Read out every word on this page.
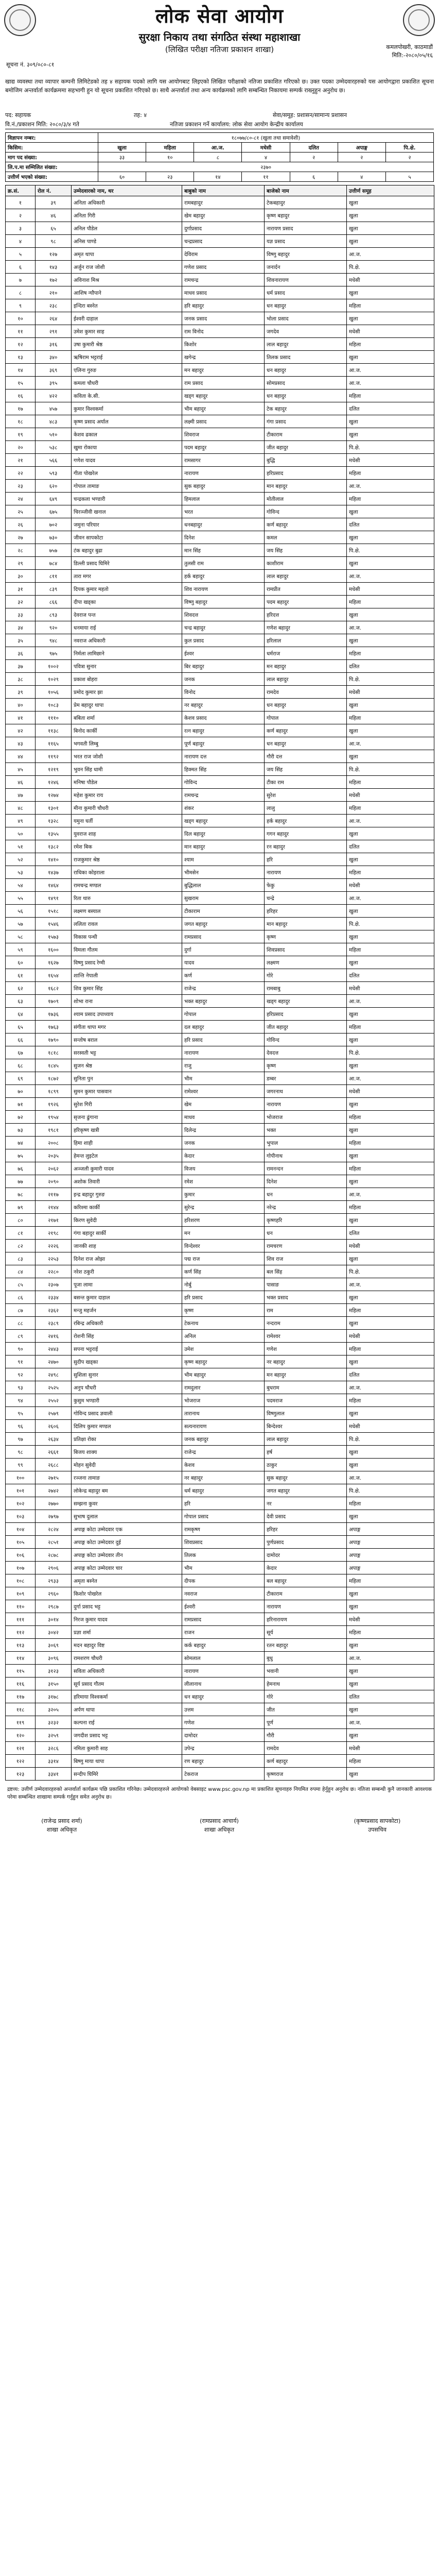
लोक सेवा आयोग
सुरक्षा निकाय तथा संगठित संस्था महाशाखा
(लिखित परीक्षा नतिजा प्रकाशन शाखा)	कमलपोखरी, काठमाडौं
मिति:-२०८०/०५/१६
सूचना नं. ३०९/०८०-८१
खाद्य व्यवस्था तथा व्यापार कम्पनी लिमिटेडको तह ४ सहायक पदको लागि यस आयोगबाट लिइएको लिखित परीक्षाको नतिजा प्रकाशित गरिएको छ। उक्त पदका उम्मेदवारहरुको यस आयोगद्वारा प्रकाशित सूचना बमोजिम अन्तर्वार्ता कार्यक्रममा सहभागी हुन यो सूचना प्रकाशित गरिएको छ। साथै अन्तर्वार्ता तथा अन्य कार्यक्रमको लागि सम्बन्धित निकायमा सम्पर्क राख्नुहुन अनुरोध छ।
पद: सहायक	तह: ४	सेवा/समूह: प्रशासन/सामान्य प्रशासन
वि.नं./प्रकाशन मिति: २०८०/३/४ गते	नतिजा प्रकाशन गर्ने कार्यालय: लोक सेवा आयोग केन्द्रीय कार्यालय
विज्ञापन नम्बर:	१८०७७/८०-८१ (खुला तथा समावेशी)						
किसिम:	खुला	महिला	आ.ज.	मधेसी	दलित	अपाङ्ग	पि.क्षे.
माग पद संख्या:	३३	१०	८	४	२	२	२
लि.प.मा सम्मिलित संख्या:	२३७०						
उत्तीर्ण भएको संख्या:	६०	२३	१४	११	६	४	५
क्र.सं.	रोल नं.	उम्मेदवारको नाम, थर	बाबुको नाम	बाजेको नाम	उत्तीर्ण समूह
१	३९	अनिता अधिकारी	रामबहादुर	टेकबहादुर	खुला
२	४६	अनिता गिरी	खेम बहादुर	कृष्ण बहादुर	खुला
३	६५	अनिल पौडेल	दुर्गाप्रसाद	नारायण प्रसाद	खुला
४	९८	अनिस पाण्डे	चन्द्रप्रसाद	यज्ञ प्रसाद	खुला
५	१२७	अमृत थापा	देविराम	विष्णु बहादुर	आ.ज.
६	१४३	अर्जुन राज जोशी	गणेश प्रसाद	जनार्दन	पि.क्षे.
७	१७२	अविनाश मिश्र	रामचन्द्र	शिवनारायण	मधेसी
८	२१०	आशिष न्यौपाने	माधव प्रसाद	धर्म प्रसाद	खुला
९	२३८	इन्दिरा बस्नेत	हरि बहादुर	धन बहादुर	महिला
१०	२६४	ईश्वरी दाहाल	जनक प्रसाद	भोला प्रसाद	खुला
११	२९१	उमेश कुमार साह	राम विनोद	जगदेव	मधेसी
१२	३१६	उषा कुमारी श्रेष्ठ	किशोर	लाल बहादुर	महिला
१३	३४०	ऋषिराम भट्टराई	खगेन्द्र	तिलक प्रसाद	खुला
१४	३६९	एलिना गुरुङ	मन बहादुर	धन बहादुर	आ.ज.
१५	३९५	कमला चौधरी	राम प्रसाद	सोमप्रसाद	आ.ज.
१६	४२२	कविता के.सी.	खड्ग बहादुर	धन बहादुर	महिला
१७	४५७	कुमार विश्वकर्मा	भीम बहादुर	टेक बहादुर	दलित
१८	४८३	कृष्ण प्रसाद अर्याल	लक्ष्मी प्रसाद	गंगा प्रसाद	खुला
१९	५१०	केशव ढकाल	शिवराज	टीकाराम	खुला
२०	५३८	खुमा रोकाया	पदम बहादुर	जीत बहादुर	पि.क्षे.
२१	५६६	गणेश यादव	रामसागर	बुद्धि	मधेसी
२२	५९३	गीता पोखरेल	नारायण	हरिप्रसाद	महिला
२३	६२०	गोपाल तामाङ	सुक बहादुर	मान बहादुर	आ.ज.
२४	६४९	चन्द्रकला भण्डारी	हिमलाल	मोतीलाल	महिला
२५	६७५	चिरञ्जीवी खनाल	भरत	गोविन्द	खुला
२६	७०२	जमुना परियार	धनबहादुर	कर्ण बहादुर	दलित
२७	७३०	जीवन सापकोटा	दिनेश	कमल	खुला
२८	७५७	टंक बहादुर बुढा	मान सिंह	जय सिंह	पि.क्षे.
२९	७८४	डिल्ली प्रसाद घिमिरे	तुलसी राम	काशीराम	खुला
३०	८११	तारा मगर	हर्क बहादुर	लाल बहादुर	आ.ज.
३१	८३९	दिपक कुमार महतो	शिव नारायण	रामप्रीत	मधेसी
३२	८६६	दीपा खड्का	विष्णु बहादुर	पदम बहादुर	महिला
३३	८९३	देवराज पन्त	शिवदत्त	हरिदत्त	खुला
३४	९२०	धनमाया राई	चन्द्र बहादुर	गणेश बहादुर	आ.ज.
३५	९४८	नवराज अधिकारी	कुल प्रसाद	हरिलाल	खुला
३६	९७५	निर्मला लामिछाने	ईश्वर	धर्मराज	महिला
३७	१००२	पवित्रा सुनार	बिर बहादुर	मन बहादुर	दलित
३८	१०२९	प्रकाश बोहरा	जनक	लाल बहादुर	पि.क्षे.
३९	१०५६	प्रमोद कुमार झा	विनोद	रामदेव	मधेसी
४०	१०८३	प्रेम बहादुर थापा	नर बहादुर	धन बहादुर	खुला
४१	१११०	बबिता शर्मा	केशव प्रसाद	गोपाल	महिला
४२	११३८	बिनोद कार्की	रत्न बहादुर	कर्ण बहादुर	खुला
४३	११६५	भगवती लिम्बु	पूर्ण बहादुर	धन बहादुर	आ.ज.
४४	११९२	भरत राज जोशी	नारायण दत्त	गौरी दत्त	खुला
४५	१२१९	भुवन सिंह धामी	हिक्मत सिंह	जय सिंह	पि.क्षे.
४६	१२४६	मनिषा पौडेल	गोविन्द	टीका राम	महिला
४७	१२७४	महेश कुमार राय	रामचन्द्र	सुरेश	मधेसी
४८	१३०१	मीना कुमारी चौधरी	शंकर	लालु	महिला
४९	१३२८	यमुना घर्ती	खड्ग बहादुर	हर्क बहादुर	आ.ज.
५०	१३५५	युवराज शाह	दिल बहादुर	गगन बहादुर	खुला
५१	१३८२	रमेश बिक	मान बहादुर	रन बहादुर	दलित
५२	१४१०	राजकुमार श्रेष्ठ	श्याम	हरि	खुला
५३	१४३७	राधिका कोइराला	भीमसेन	नारायण	महिला
५४	१४६४	रामचन्द्र मण्डल	बुद्धिलाल	फेकु	मधेसी
५५	१४९१	रिता थारु	सुखराम	चन्द्रे	आ.ज.
५६	१५१८	लक्ष्मण बस्याल	टीकाराम	हरिहर	खुला
५७	१५४६	ललिता रावल	जगत बहादुर	मान बहादुर	पि.क्षे.
५८	१५७३	विकास पन्थी	रामप्रसाद	कृष्ण	खुला
५९	१६००	विमला गौतम	दुर्गा	शिवप्रसाद	महिला
६०	१६२७	विष्णु प्रसाद रेग्मी	यादव	लक्ष्मण	खुला
६१	१६५४	शान्ति नेपाली	कर्ण	गोरे	दलित
६२	१६८२	शिव कुमार सिंह	राजेन्द्र	रामबाबु	मधेसी
६३	१७०९	शोभा राना	भक्त बहादुर	खड्ग बहादुर	आ.ज.
६४	१७३६	श्याम प्रसाद उपाध्याय	गोपाल	हरिप्रसाद	खुला
६५	१७६३	संगीता थापा मगर	दल बहादुर	जीत बहादुर	महिला
६६	१७९०	सन्तोष बराल	हरि प्रसाद	गोविन्द	खुला
६७	१८१८	सरस्वती भट्ट	नारायण	देवदत्त	पि.क्षे.
६८	१८४५	सुजन श्रेष्ठ	राजु	कृष्ण	खुला
६९	१८७२	सुनिता पुन	भीम	डम्बर	आ.ज.
७०	१८९९	सुमन कुमार पासवान	रामेश्वर	जगरनाथ	मधेसी
७१	१९२६	सुरेश गिरी	खेम	नारायण	खुला
७२	१९५४	सृजना ढुंगाना	माधव	भोजराज	महिला
७३	१९८१	हरिकृष्ण खत्री	दिलेन्द्र	भक्त	खुला
७४	२००८	हिमा शाही	जनक	भुपाल	महिला
७५	२०३५	हेमन्त लुइटेल	केदार	गोपीनाथ	खुला
७६	२०६२	अञ्जली कुमारी यादव	विजय	रामनन्दन	महिला
७७	२०९०	अशोक तिवारी	रमेश	दिनेश	खुला
७८	२११७	इन्द्र बहादुर गुरुङ	कुमार	धन	आ.ज.
७९	२१४४	करिश्मा कार्की	सुरेन्द्र	नरेन्द्र	महिला
८०	२१७१	किरण सुवेदी	हरिशरण	कृष्णहरि	खुला
८१	२१९८	गंगा बहादुर सार्की	मन	धन	दलित
८२	२२२६	जानकी शाह	विन्देश्वर	रामचरण	मधेसी
८३	२२५३	दिनेश राज ओझा	पद्म राज	शिव राज	खुला
८४	२२८०	नरेश ठकुरी	कर्ण सिंह	बल सिंह	पि.क्षे.
८५	२३०७	पूजा लामा	नोर्बु	पासाङ	आ.ज.
८६	२३३४	बसन्त कुमार दाहाल	हरि प्रसाद	भक्त प्रसाद	खुला
८७	२३६२	मन्जु महर्जन	कृष्ण	राम	महिला
८८	२३८९	रबिन्द्र अधिकारी	टेकनाथ	नन्दराम	खुला
८९	२४१६	रोशनी सिंह	अनिल	रामेश्वर	मधेसी
९०	२४४३	सपना भट्टराई	उमेश	गणेश	महिला
९१	२४७०	सुदीप खड्का	कृष्ण बहादुर	नर बहादुर	खुला
९२	२४९८	सुशिला सुनार	भीम बहादुर	मन बहादुर	दलित
९३	२५२५	अनुप चौधरी	रामदुलार	बुधराम	आ.ज.
९४	२५५२	कुसुम भण्डारी	भोजराज	पदमराज	महिला
९५	२५७९	गोविन्द प्रसाद ज्ञवाली	तारानाथ	विष्णुलाल	खुला
९६	२६०६	दिलिप कुमार मण्डल	सत्यनारायण	बिन्देश्वर	मधेसी
९७	२६३४	प्रतिक्षा रोका	जनक बहादुर	लाल बहादुर	पि.क्षे.
९८	२६६१	बिजय शाक्य	राजेन्द्र	हर्ष	खुला
९९	२६८८	मोहन सुवेदी	केशव	ठाकुर	खुला
१००	२७१५	रञ्जना तामाङ	नर बहादुर	सुक बहादुर	आ.ज.
१०१	२७४२	लोकेन्द्र बहादुर बम	धर्म बहादुर	जगत बहादुर	पि.क्षे.
१०२	२७७०	सम्झना कुवर	हरि	नर	महिला
१०३	२७९७	सुभाष दुलाल	गोपाल प्रसाद	देवी प्रसाद	खुला
१०४	२८२४	अपाङ्ग कोटा उम्मेदवार एक	रामकृष्ण	हरिहर	अपाङ्ग
१०५	२८५१	अपाङ्ग कोटा उम्मेदवार दुई	शिवप्रसाद	पुर्णप्रसाद	अपाङ्ग
१०६	२८७८	अपाङ्ग कोटा उम्मेदवार तीन	तिलक	दामोदर	अपाङ्ग
१०७	२९०६	अपाङ्ग कोटा उम्मेदवार चार	भीम	केदार	अपाङ्ग
१०८	२९३३	अमृता बस्नेत	दीपक	बल बहादुर	महिला
१०९	२९६०	किशोर पोखरेल	नवराज	टीकाराम	खुला
११०	२९८७	दुर्गा प्रसाद भट्ट	ईश्वरी	नारायण	खुला
१११	३०१४	निरज कुमार यादव	रामप्रसाद	हरिनारायण	मधेसी
११२	३०४२	प्रज्ञा शर्मा	राजन	सूर्य	महिला
११३	३०६९	मदन बहादुर विष्ट	कर्क बहादुर	रतन बहादुर	खुला
११४	३०९६	रामशरण चौधरी	सोमलाल	बुधु	आ.ज.
११५	३१२३	सविता अधिकारी	नारायण	भवानी	खुला
११६	३१५०	सूर्य प्रसाद गौतम	लीलानाथ	हेमनाथ	खुला
११७	३१७८	हरिमाया विश्वकर्मा	धन बहादुर	गोरे	दलित
११८	३२०५	अर्पण थापा	उत्तम	जीत	खुला
११९	३२३२	कल्पना राई	गणेश	पूर्ण	आ.ज.
१२०	३२५९	जगदीश प्रसाद भट्ट	दामोदर	गौरी	खुला
१२१	३२८६	नमिता कुमारी साह	उपेन्द्र	रामदेव	मधेसी
१२२	३३१४	बिष्णु माया थापा	रण बहादुर	कर्ण बहादुर	महिला
१२३	३३४१	सन्दीप घिमिरे	टेकराज	कृष्णराज	खुला
द्रष्टव्य: उत्तीर्ण उम्मेदवारहरुको अन्तर्वार्ता कार्यक्रम पछि प्रकाशित गरिनेछ। उम्मेदवारहरुले आयोगको वेबसाइट www.psc.gov.np मा प्रकाशित सूचनाहरु नियमित रुपमा हेर्नुहुन अनुरोध छ। नतिजा सम्बन्धी कुनै जानकारी आवश्यक परेमा सम्बन्धित शाखामा सम्पर्क गर्नुहुन समेत अनुरोध छ।
(राजेन्द्र प्रसाद शर्मा)
शाखा अधिकृत
(रामप्रसाद आचार्य)
शाखा अधिकृत
(कृष्णप्रसाद सापकोटा)
उपसचिव
